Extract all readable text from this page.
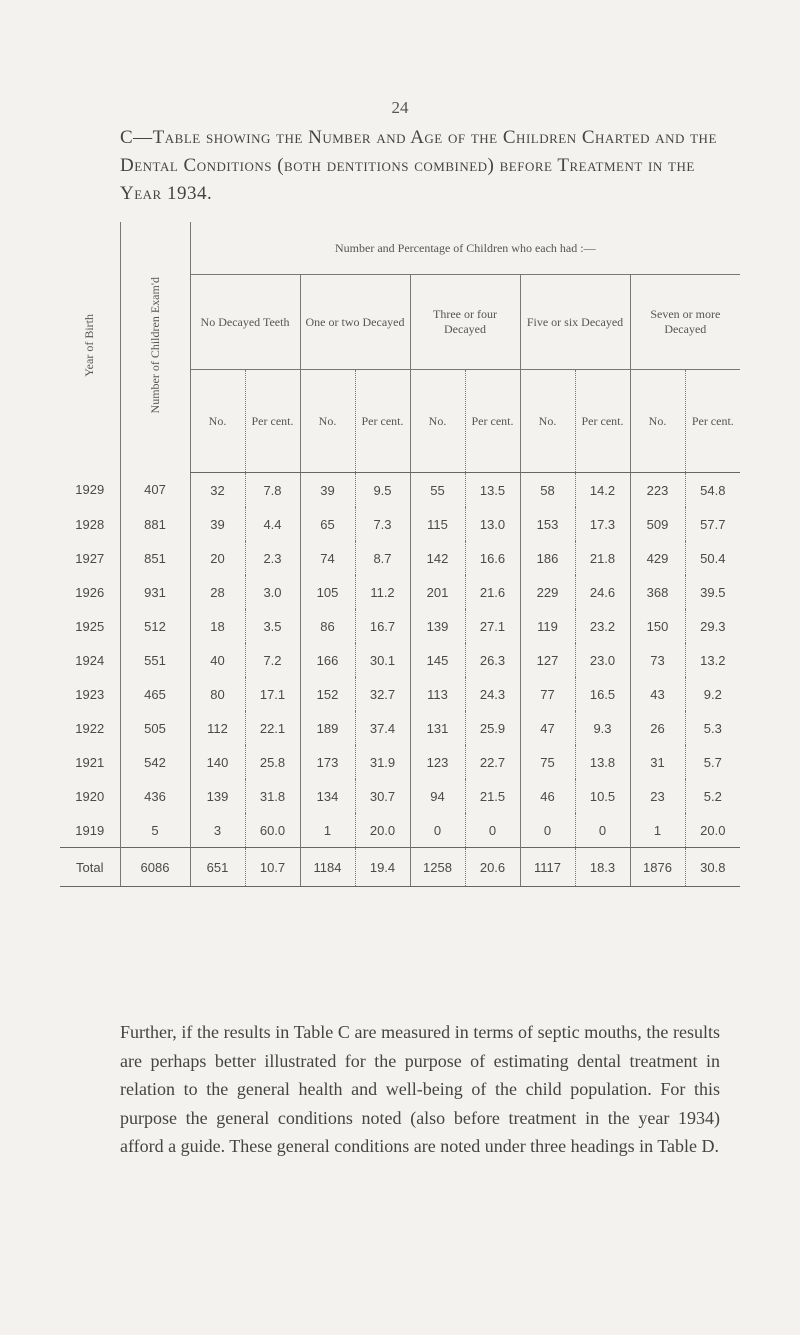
24
C—Table showing the Number and Age of the Children Charted and the Dental Conditions (both dentitions combined) before Treatment in the Year 1934.
Year of Birth	Number of Children Exam'd	Number and Percentage of Children who each had :—									
		No Decayed Teeth		One or two Decayed		Three or four Decayed		Five or six Decayed		Seven or more Decayed	
		No.	Per cent.	No.	Per cent.	No.	Per cent.	No.	Per cent.	No.	Per cent.
1929	407	32	7.8	39	9.5	55	13.5	58	14.2	223	54.8
1928	881	39	4.4	65	7.3	115	13.0	153	17.3	509	57.7
1927	851	20	2.3	74	8.7	142	16.6	186	21.8	429	50.4
1926	931	28	3.0	105	11.2	201	21.6	229	24.6	368	39.5
1925	512	18	3.5	86	16.7	139	27.1	119	23.2	150	29.3
1924	551	40	7.2	166	30.1	145	26.3	127	23.0	73	13.2
1923	465	80	17.1	152	32.7	113	24.3	77	16.5	43	9.2
1922	505	112	22.1	189	37.4	131	25.9	47	9.3	26	5.3
1921	542	140	25.8	173	31.9	123	22.7	75	13.8	31	5.7
1920	436	139	31.8	134	30.7	94	21.5	46	10.5	23	5.2
1919	5	3	60.0	1	20.0	0	0	0	0	1	20.0
Total	6086	651	10.7	1184	19.4	1258	20.6	1117	18.3	1876	30.8
Further, if the results in Table C are measured in terms of septic mouths, the results are perhaps better illustrated for the purpose of estimating dental treatment in relation to the general health and well-being of the child population. For this purpose the general conditions noted (also before treatment in the year 1934) afford a guide. These general conditions are noted under three headings in Table D.
